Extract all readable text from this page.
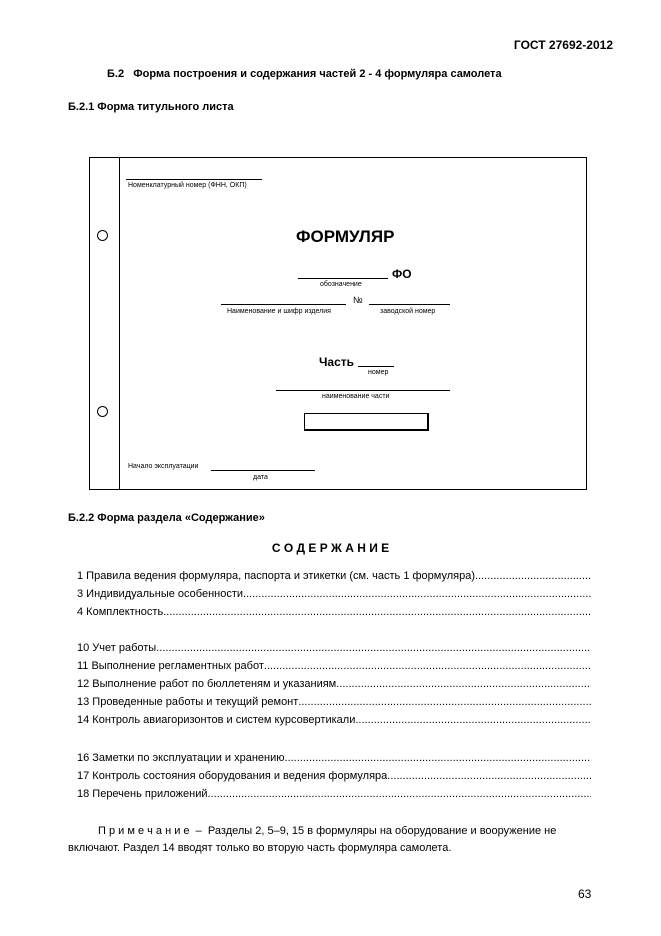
ГОСТ 27692-2012
Б.2 Форма построения и содержания частей 2 - 4 формуляра самолета
Б.2.1 Форма титульного листа
Номенклатурный номер (ФНН, ОКП)
ФОРМУЛЯР
ФО
обозначение
№
Наименование и шифр изделия	заводской номер
Часть
номер
наименование части
Начало эксплуатации
дата
Б.2.2 Форма раздела «Содержание»
С О Д Е Р Ж А Н И Е
1 Правила ведения формуляра, паспорта и этикетки (см. часть 1 формуляра)
.....
3 Индивидуальные особенности
.....
4 Комплектность
.....
10 Учет работы
.....
11 Выполнение регламентных работ
.....
12 Выполнение работ по бюллетеням и указаниям
.....
13 Проведенные работы и текущий ремонт
.....
14 Контроль авиагоризонтов и систем курсовертикали
.....
16 Заметки по эксплуатации и хранению
.....
17 Контроль состояния оборудования и ведения формуляра
.....
18 Перечень приложений
.....
П р и м е ч а н и е – Разделы 2, 5–9, 15 в формуляры на оборудование и вооружение не
включают. Раздел 14 вводят только во вторую часть формуляра самолета.
63
